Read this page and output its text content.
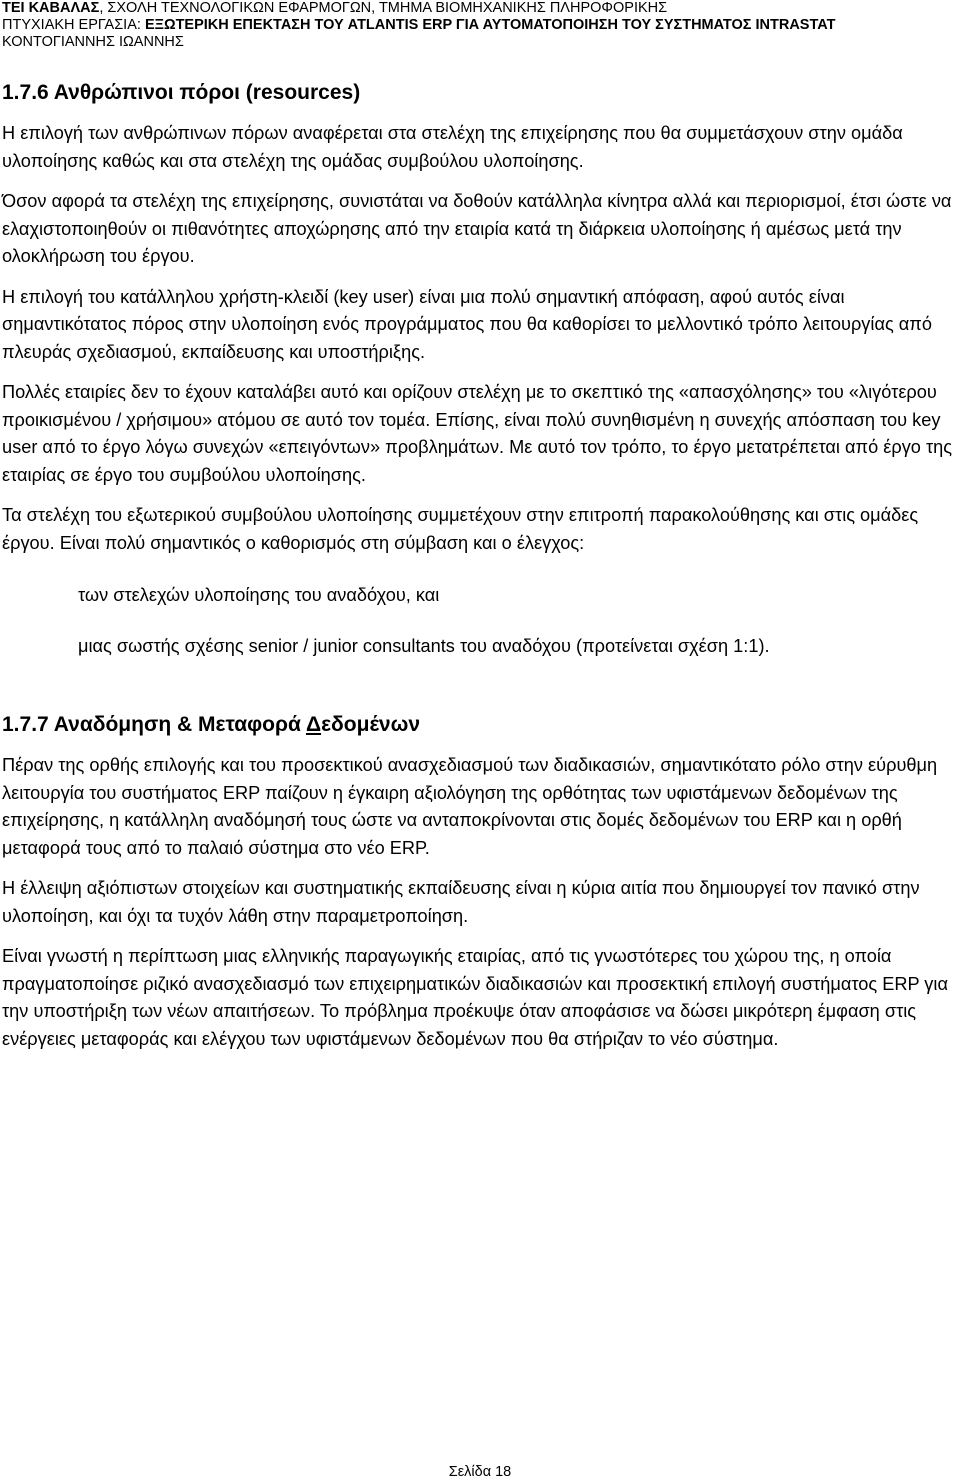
ΤΕΙ ΚΑΒΑΛΑΣ, ΣΧΟΛΗ ΤΕΧΝΟΛΟΓΙΚΩΝ ΕΦΑΡΜΟΓΩΝ, ΤΜΗΜΑ ΒΙΟΜΗΧΑΝΙΚΗΣ ΠΛΗΡΟΦΟΡΙΚΗΣ
ΠΤΥΧΙΑΚΗ ΕΡΓΑΣΙΑ: ΕΞΩΤΕΡΙΚΗ ΕΠΕΚΤΑΣΗ ΤΟΥ ATLANTIS ERP ΓΙΑ ΑΥΤΟΜΑΤΟΠΟΙΗΣΗ ΤΟΥ ΣΥΣΤΗΜΑΤΟΣ INTRASTAT
ΚΟΝΤΟΓΙΑΝΝΗΣ ΙΩΑΝΝΗΣ
1.7.6 Ανθρώπινοι πόροι (resources)

Η επιλογή των ανθρώπινων πόρων αναφέρεται στα στελέχη της επιχείρησης που θα συμμετάσχουν στην ομάδα υλοποίησης καθώς και στα στελέχη της ομάδας συμβούλου υλοποίησης.

Όσον αφορά τα στελέχη της επιχείρησης, συνιστάται να δοθούν κατάλληλα κίνητρα αλλά και περιορισμοί, έτσι ώστε να ελαχιστοποιηθούν οι πιθανότητες αποχώρησης από την εταιρία κατά τη διάρκεια υλοποίησης ή αμέσως μετά την ολοκλήρωση του έργου.

Η επιλογή του κατάλληλου χρήστη-κλειδί (key user) είναι μια πολύ σημαντική απόφαση, αφού αυτός είναι σημαντικότατος πόρος στην υλοποίηση ενός προγράμματος που θα καθορίσει το μελλοντικό τρόπο λειτουργίας από πλευράς σχεδιασμού, εκπαίδευσης και υποστήριξης.

Πολλές εταιρίες δεν το έχουν καταλάβει αυτό και ορίζουν στελέχη με το σκεπτικό της «απασχόλησης» του «λιγότερου προικισμένου / χρήσιμου» ατόμου σε αυτό τον τομέα. Επίσης, είναι πολύ συνηθισμένη η συνεχής απόσπαση του key user από το έργο λόγω συνεχών «επειγόντων» προβλημάτων. Με αυτό τον τρόπο, το έργο μετατρέπεται από έργο της εταιρίας σε έργο του συμβούλου υλοποίησης.

Τα στελέχη του εξωτερικού συμβούλου υλοποίησης συμμετέχουν στην επιτροπή παρακολούθησης και στις ομάδες έργου. Είναι πολύ σημαντικός ο καθορισμός στη σύμβαση και ο έλεγχος:

των στελεχών υλοποίησης του αναδόχου, και

μιας σωστής σχέσης senior / junior consultants του αναδόχου (προτείνεται σχέση 1:1).

1.7.7 Αναδόμηση & Μεταφορά Δεδομένων

Πέραν της ορθής επιλογής και του προσεκτικού ανασχεδιασμού των διαδικασιών, σημαντικότατο ρόλο στην εύρυθμη λειτουργία του συστήματος ERP παίζουν η έγκαιρη αξιολόγηση της ορθότητας των υφιστάμενων δεδομένων της επιχείρησης, η κατάλληλη αναδόμησή τους ώστε να ανταποκρίνονται στις δομές δεδομένων του ERP και η ορθή μεταφορά τους από το παλαιό σύστημα στο νέο ERP.

Η έλλειψη αξιόπιστων στοιχείων και συστηματικής εκπαίδευσης είναι η κύρια αιτία που δημιουργεί τον πανικό στην υλοποίηση, και όχι τα τυχόν λάθη στην παραμετροποίηση.

Είναι γνωστή η περίπτωση μιας ελληνικής παραγωγικής εταιρίας, από τις γνωστότερες του χώρου της, η οποία πραγματοποίησε ριζικό ανασχεδιασμό των επιχειρηματικών διαδικασιών και προσεκτική επιλογή συστήματος ERP για την υποστήριξη των νέων απαιτήσεων. Το πρόβλημα προέκυψε όταν αποφάσισε να δώσει μικρότερη έμφαση στις ενέργειες μεταφοράς και ελέγχου των υφιστάμενων δεδομένων που θα στήριζαν το νέο σύστημα.

Σελίδα 18
